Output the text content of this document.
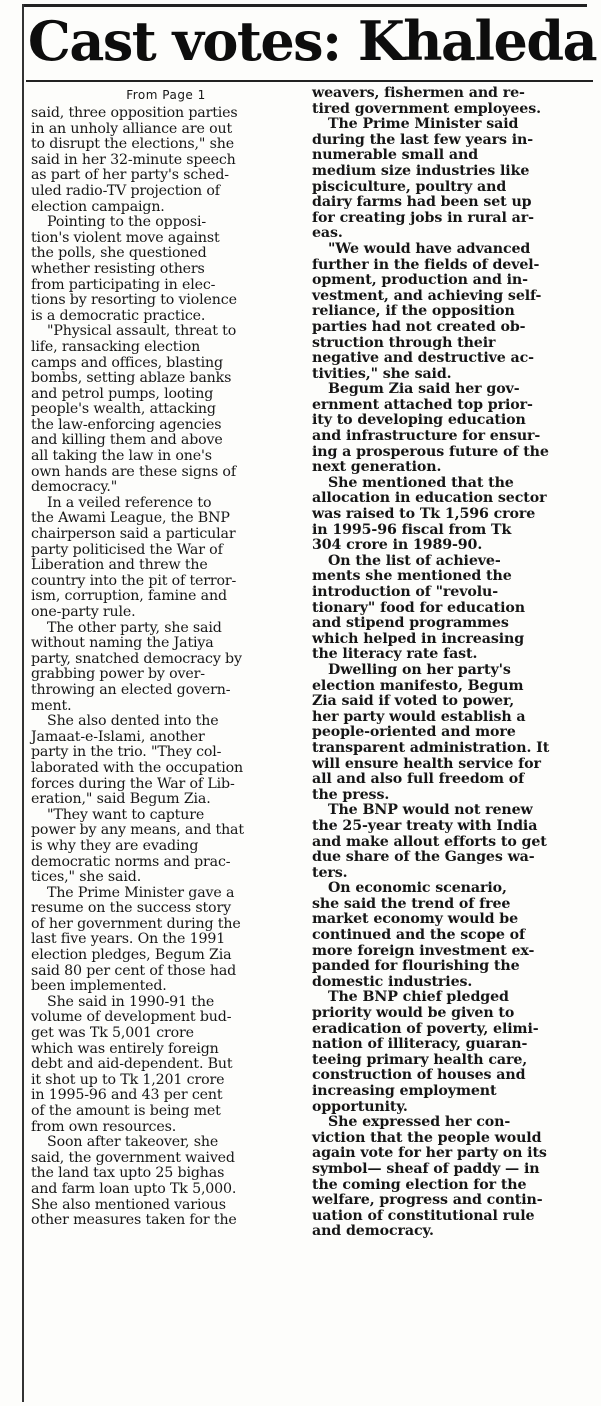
Cast votes: Khaleda
From Page 1
said, three opposition parties
in an unholy alliance are out
to disrupt the elections," she
said in her 32-minute speech
as part of her party's sched-
uled radio-TV projection of
election campaign.
Pointing to the opposi-
tion's violent move against
the polls, she questioned
whether resisting others
from participating in elec-
tions by resorting to violence
is a democratic practice.
"Physical assault, threat to
life, ransacking election
camps and offices, blasting
bombs, setting ablaze banks
and petrol pumps, looting
people's wealth, attacking
the law-enforcing agencies
and killing them and above
all taking the law in one's
own hands are these signs of
democracy."
In a veiled reference to
the Awami League, the BNP
chairperson said a particular
party politicised the War of
Liberation and threw the
country into the pit of terror-
ism, corruption, famine and
one-party rule.
The other party, she said
without naming the Jatiya
party, snatched democracy by
grabbing power by over-
throwing an elected govern-
ment.
She also dented into the
Jamaat-e-Islami, another
party in the trio. "They col-
laborated with the occupation
forces during the War of Lib-
eration," said Begum Zia.
"They want to capture
power by any means, and that
is why they are evading
democratic norms and prac-
tices," she said.
The Prime Minister gave a
resume on the success story
of her government during the
last five years. On the 1991
election pledges, Begum Zia
said 80 per cent of those had
been implemented.
She said in 1990-91 the
volume of development bud-
get was Tk 5,001 crore
which was entirely foreign
debt and aid-dependent. But
it shot up to Tk 1,201 crore
in 1995-96 and 43 per cent
of the amount is being met
from own resources.
Soon after takeover, she
said, the government waived
the land tax upto 25 bighas
and farm loan upto Tk 5,000.
She also mentioned various
other measures taken for the
weavers, fishermen and re-
tired government employees.
The Prime Minister said
during the last few years in-
numerable small and
medium size industries like
pisciculture, poultry and
dairy farms had been set up
for creating jobs in rural ar-
eas.
"We would have advanced
further in the fields of devel-
opment, production and in-
vestment, and achieving self-
reliance, if the opposition
parties had not created ob-
struction through their
negative and destructive ac-
tivities," she said.
Begum Zia said her gov-
ernment attached top prior-
ity to developing education
and infrastructure for ensur-
ing a prosperous future of the
next generation.
She mentioned that the
allocation in education sector
was raised to Tk 1,596 crore
in 1995-96 fiscal from Tk
304 crore in 1989-90.
On the list of achieve-
ments she mentioned the
introduction of "revolu-
tionary" food for education
and stipend programmes
which helped in increasing
the literacy rate fast.
Dwelling on her party's
election manifesto, Begum
Zia said if voted to power,
her party would establish a
people-oriented and more
transparent administration. It
will ensure health service for
all and also full freedom of
the press.
The BNP would not renew
the 25-year treaty with India
and make allout efforts to get
due share of the Ganges wa-
ters.
On economic scenario,
she said the trend of free
market economy would be
continued and the scope of
more foreign investment ex-
panded for flourishing the
domestic industries.
The BNP chief pledged
priority would be given to
eradication of poverty, elimi-
nation of illiteracy, guaran-
teeing primary health care,
construction of houses and
increasing employment
opportunity.
She expressed her con-
viction that the people would
again vote for her party on its
symbol— sheaf of paddy — in
the coming election for the
welfare, progress and contin-
uation of constitutional rule
and democracy.
